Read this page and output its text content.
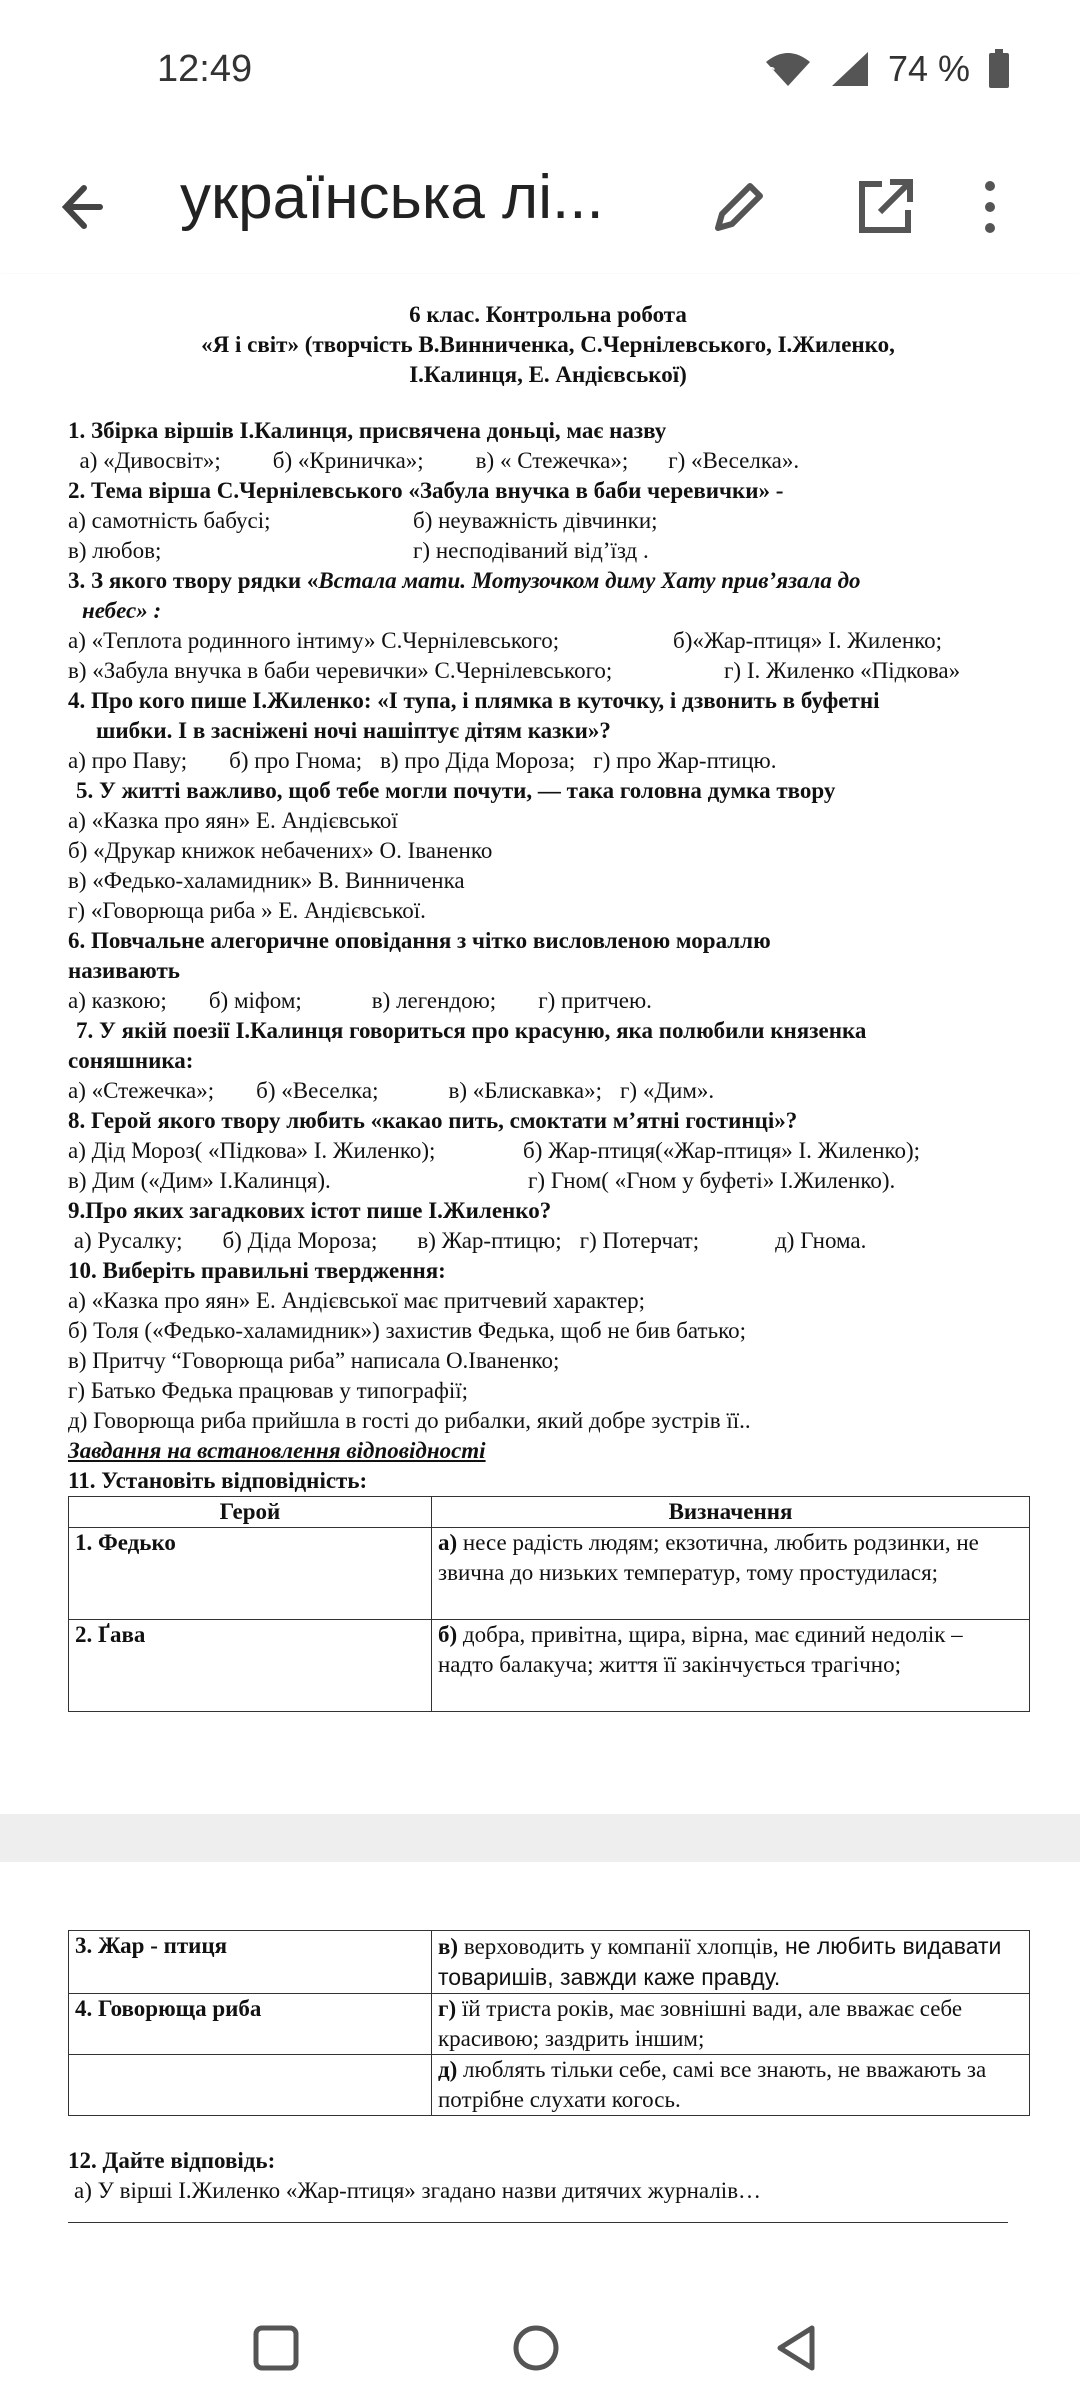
12:49	6	74 %
українська лі...
6 клас. Контрольна робота
«Я і світ» (творчість В.Винниченка, С.Чернілевського, І.Жиленко,
І.Калинця, Е. Андієвської)
1. Збірка віршів І.Калинця, присвячена доньці, має назву
а) «Дивосвіт»; б) «Криничка»; в) « Стежечка»; г) «Веселка».
2. Тема вірша С.Чернілевського «Забула внучка в баби черевички» -
а) самотність бабусі;	б) неуважність дівчинки;
в) любов;	г) несподіваний від’їзд .
3. З якого твору рядки «Встала мати. Мотузочком диму Хату прив’язала до
небес» :
а) «Теплота родинного інтиму» С.Чернілевського;	б)«Жар-птиця» І. Жиленко;
в) «Забула внучка в баби черевички» С.Чернілевського;	г) І. Жиленко «Підкова»
4. Про кого пише І.Жиленко: «І тупа, і плямка в куточку, і дзвонить в буфетні
шибки. І в засніжені ночі нашіптує дітям казки»?
а) про Паву; б) про Гнома; в) про Діда Мороза; г) про Жар-птицю.
5. У житті важливо, щоб тебе могли почути, — така головна думка твору
а) «Казка про яян» Е. Андієвської
б) «Друкар книжок небачених» О. Іваненко
в) «Федько-халамидник» В. Винниченка
г) «Говорюща риба » Е. Андієвської.
6. Повчальне алегоричне оповідання з чітко висловленою мораллю
називають
а) казкою; б) міфом;	в) легендою; г) притчею.
7. У якій поезії І.Калинця говориться про красуню, яка полюбили князенка
соняшника:
а) «Стежечка»; б) «Веселка;	в) «Блискавка»; г) «Дим».
8. Герой якого твору любить «какао пить, смоктати м’ятні гостинці»?
а) Дід Мороз( «Підкова» І. Жиленко);	б) Жар-птиця(«Жар-птиця» І. Жиленко);
в) Дим («Дим» І.Калинця).	г) Гном( «Гном у буфеті» І.Жиленко).
9.Про яких загадкових істот пише І.Жиленко?
а) Русалку; б) Діда Мороза; в) Жар-птицю; г) Потерчат;	д) Гнома.
10. Виберіть правильні твердження:
а) «Казка про яян» Е. Андієвської має притчевий характер;
б) Толя («Федько-халамидник») захистив Федька, щоб не бив батько;
в) Притчу “Говорюща риба” написала О.Іваненко;
г) Батько Федька працював у типографії;
д) Говорюща риба прийшла в гості до рибалки, який добре зустрів її..
Завдання на встановлення відповідності
11. Установіть відповідність:
Герой	Визначення
1. Федько	а) несе радість людям; екзотична, любить родзинки, не звична до низьких температур, тому простудилася;
2. Ґава	б) добра, привітна, щира, вірна, має єдиний недолік – надто балакуча; життя її закінчується трагічно;
3. Жар - птиця	в) верховодить у компанії хлопців, не любить видавати товаришів, завжди каже правду.
4. Говорюща риба	г) їй триста років, має зовнішні вади, але вважає себе красивою; заздрить іншим;
	д) люблять тільки себе, самі все знають, не вважають за потрібне слухати когось.
12. Дайте відповідь:
а) У вірші І.Жиленко «Жар-птиця» згадано назви дитячих журналів…
